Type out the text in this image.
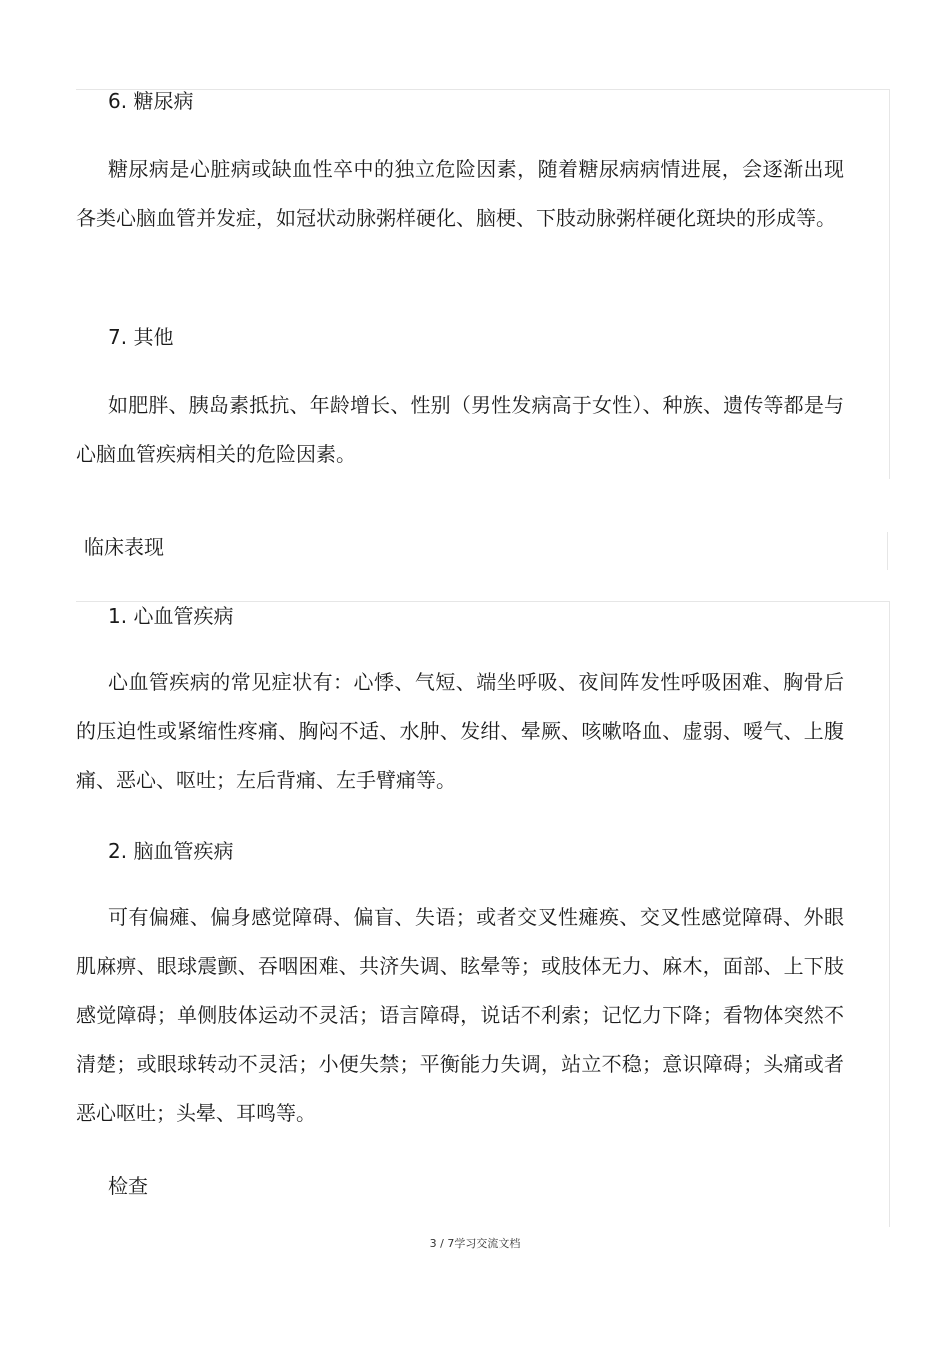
6. 糖尿病
糖尿病是心脏病或缺血性卒中的独立危险因素，随着糖尿病病情进展，会逐渐出现各类心脑血管并发症，如冠状动脉粥样硬化、脑梗、下肢动脉粥样硬化斑块的形成等。
7. 其他
如肥胖、胰岛素抵抗、年龄增长、性别（男性发病高于女性）、种族、遗传等都是与心脑血管疾病相关的危险因素。
临床表现
1. 心血管疾病
心血管疾病的常见症状有：心悸、气短、端坐呼吸、夜间阵发性呼吸困难、胸骨后的压迫性或紧缩性疼痛、胸闷不适、水肿、发绀、晕厥、咳嗽咯血、虚弱、嗳气、上腹痛、恶心、呕吐；左后背痛、左手臂痛等。
2. 脑血管疾病
可有偏瘫、偏身感觉障碍、偏盲、失语；或者交叉性瘫痪、交叉性感觉障碍、外眼肌麻痹、眼球震颤、吞咽困难、共济失调、眩晕等；或肢体无力、麻木，面部、上下肢感觉障碍；单侧肢体运动不灵活；语言障碍，说话不利索；记忆力下降；看物体突然不清楚；或眼球转动不灵活；小便失禁；平衡能力失调，站立不稳；意识障碍；头痛或者恶心呕吐；头晕、耳鸣等。
检查
3 / 7学习交流文档
